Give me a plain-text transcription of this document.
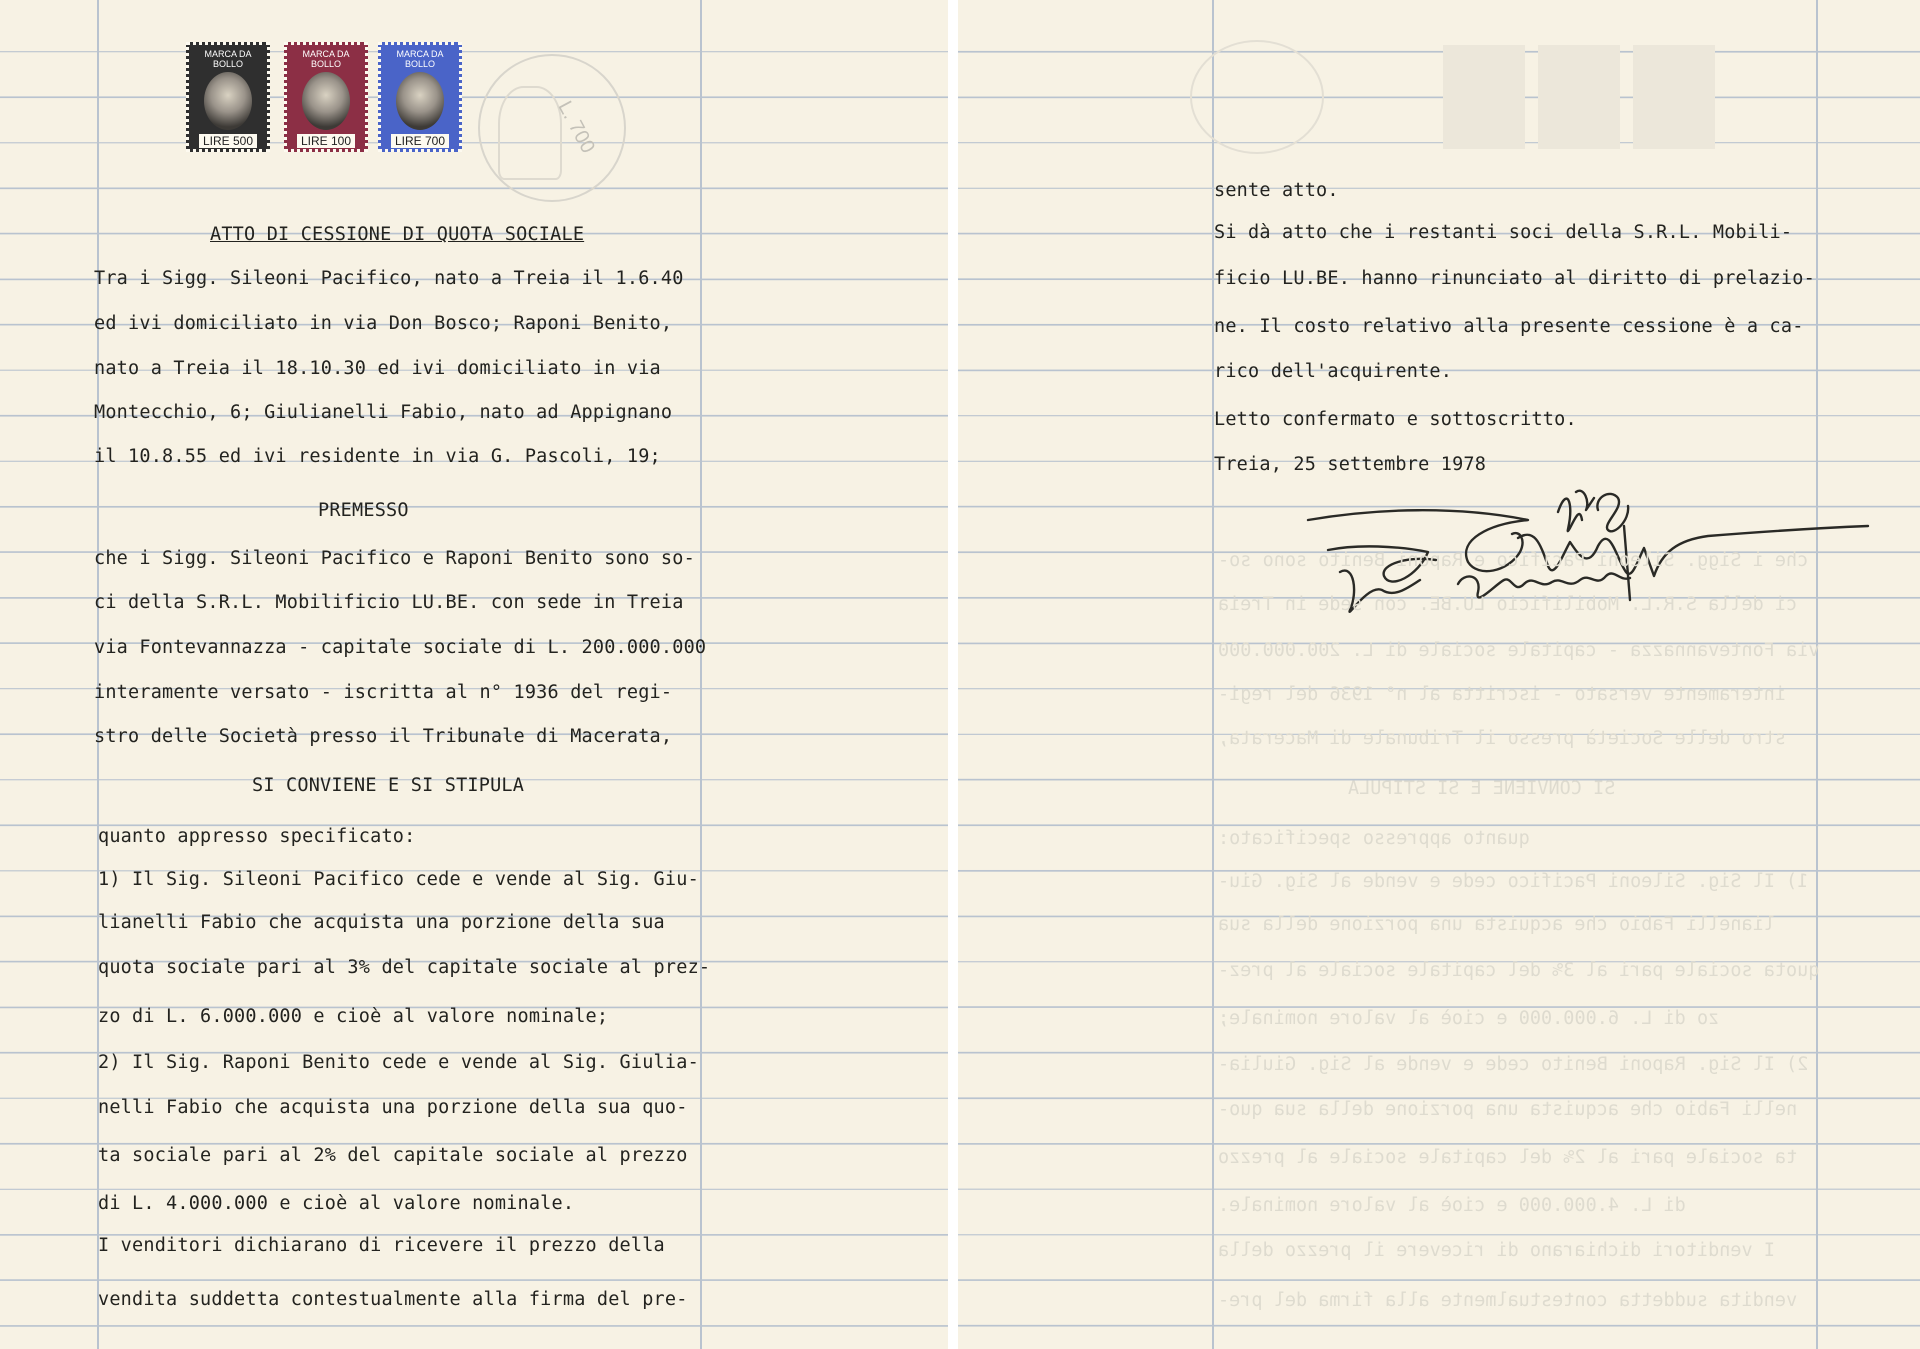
MARCA DA BOLLO
LIRE 500
MARCA DA BOLLO
LIRE 100
MARCA DA BOLLO
LIRE 700	L. 700
ATTO DI CESSIONE DI QUOTA SOCIALE
Tra i Sigg. Sileoni Pacifico, nato a Treia il 1.6.40
ed ivi domiciliato in via Don Bosco; Raponi Benito,
nato a Treia il 18.10.30 ed ivi domiciliato in via
Montecchio, 6; Giulianelli Fabio, nato ad Appignano
il 10.8.55 ed ivi residente in via G. Pascoli, 19;
PREMESSO
che i Sigg. Sileoni Pacifico e Raponi Benito sono so-
ci della S.R.L. Mobilificio LU.BE. con sede in Treia
via Fontevannazza - capitale sociale di L. 200.000.000
interamente versato - iscritta al n° 1936 del regi-
stro delle Società presso il Tribunale di Macerata,
SI CONVIENE E SI STIPULA
quanto appresso specificato:
1) Il Sig. Sileoni Pacifico cede e vende al Sig. Giu-
lianelli Fabio che acquista una porzione della sua
quota sociale pari al 3% del capitale sociale al prez-
zo di L. 6.000.000 e cioè al valore nominale;
2) Il Sig. Raponi Benito cede e vende al Sig. Giulia-
nelli Fabio che acquista una porzione della sua quo-
ta sociale pari al 2% del capitale sociale al prezzo
di L. 4.000.000 e cioè al valore nominale.
I venditori dichiarano di ricevere il prezzo della
vendita suddetta contestualmente alla firma del pre-
sente atto.
Si dà atto che i restanti soci della S.R.L. Mobili-
ficio LU.BE. hanno rinunciato al diritto di prelazio-
ne. Il costo relativo alla presente cessione è a ca-
rico dell'acquirente.
Letto confermato e sottoscritto.
Treia, 25 settembre 1978
che i Sigg. Sileoni Pacifico e Raponi Benito sono so-
ci della S.R.L. Mobilificio LU.BE. con sede in Treia
via Fontevannazza - capitale sociale di L. 200.000.000
interamente versato - iscritta al n° 1936 del regi-
stro delle Società presso il Tribunale di Macerata,
SI CONVIENE E SI STIPULA
quanto appresso specificato:
1) Il Sig. Sileoni Pacifico cede e vende al Sig. Giu-
lianelli Fabio che acquista una porzione della sua
quota sociale pari al 3% del capitale sociale al prez-
zo di L. 6.000.000 e cioè al valore nominale;
2) Il Sig. Raponi Benito cede e vende al Sig. Giulia-
nelli Fabio che acquista una porzione della sua quo-
ta sociale pari al 2% del capitale sociale al prezzo
di L. 4.000.000 e cioè al valore nominale.
I venditori dichiarano di ricevere il prezzo della
vendita suddetta contestualmente alla firma del pre-
